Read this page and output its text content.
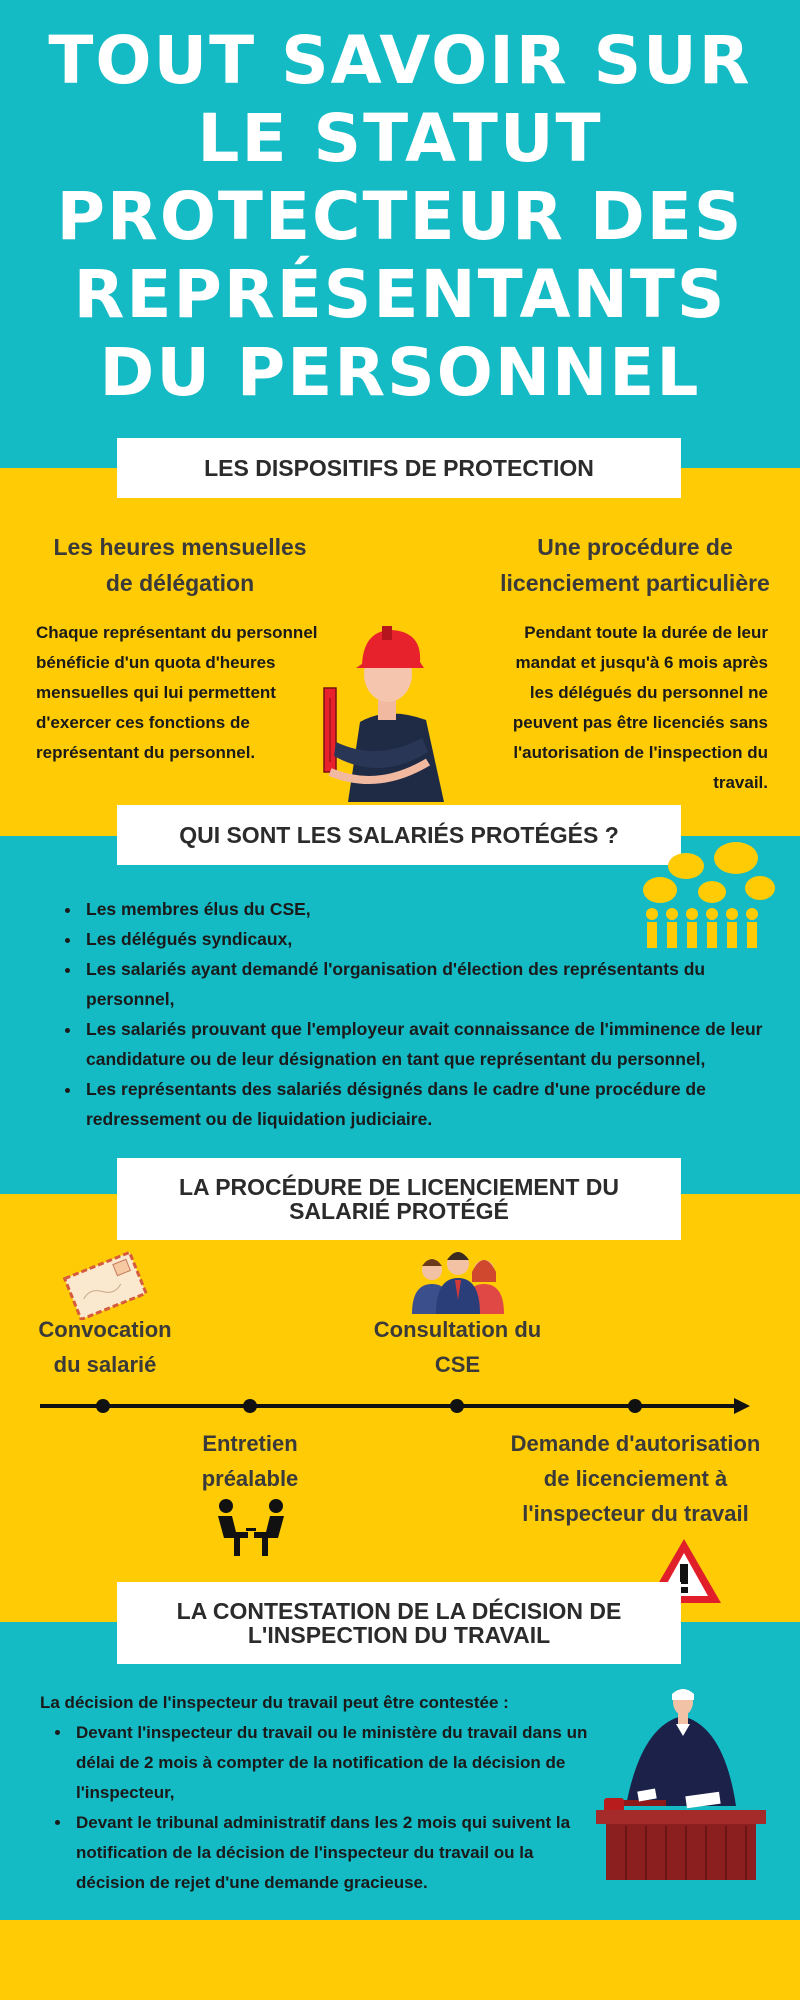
TOUT SAVOIR SUR LE STATUT PROTECTEUR DES REPRÉSENTANTS DU PERSONNEL
LES DISPOSITIFS DE PROTECTION
Les heures mensuelles de délégation

Chaque représentant du personnel bénéficie d'un quota d'heures mensuelles qui lui permettent d'exercer ces fonctions de représentant du personnel.

Une procédure de licenciement particulière

Pendant toute la durée de leur mandat et jusqu'à 6 mois après les délégués du personnel ne peuvent pas être licenciés sans l'autorisation de l'inspection du travail.

QUI SONT LES SALARIÉS PROTÉGÉS ?
• Les membres élus du CSE,
• Les délégués syndicaux,
• Les salariés ayant demandé l'organisation d'élection des représentants du personnel,
• Les salariés prouvant que l'employeur avait connaissance de l'imminence de leur candidature ou de leur désignation en tant que représentant du personnel,
• Les représentants des salariés désignés dans le cadre d'une procédure de redressement ou de liquidation judiciaire.
LA PROCÉDURE DE LICENCIEMENT DU SALARIÉ PROTÉGÉ
Convocation du salarié
Consultation du CSE
Entretien préalable
Demande d'autorisation de licenciement à l'inspecteur du travail
LA CONTESTATION DE LA DÉCISION DE L'INSPECTION DU TRAVAIL

La décision de l'inspecteur du travail peut être contestée :

• Devant l'inspecteur du travail ou le ministère du travail dans un délai de 2 mois à compter de la notification de la décision de l'inspecteur,
• Devant le tribunal administratif dans les 2 mois qui suivent la notification de la décision de l'inspecteur du travail ou la décision de rejet d'une demande gracieuse.
